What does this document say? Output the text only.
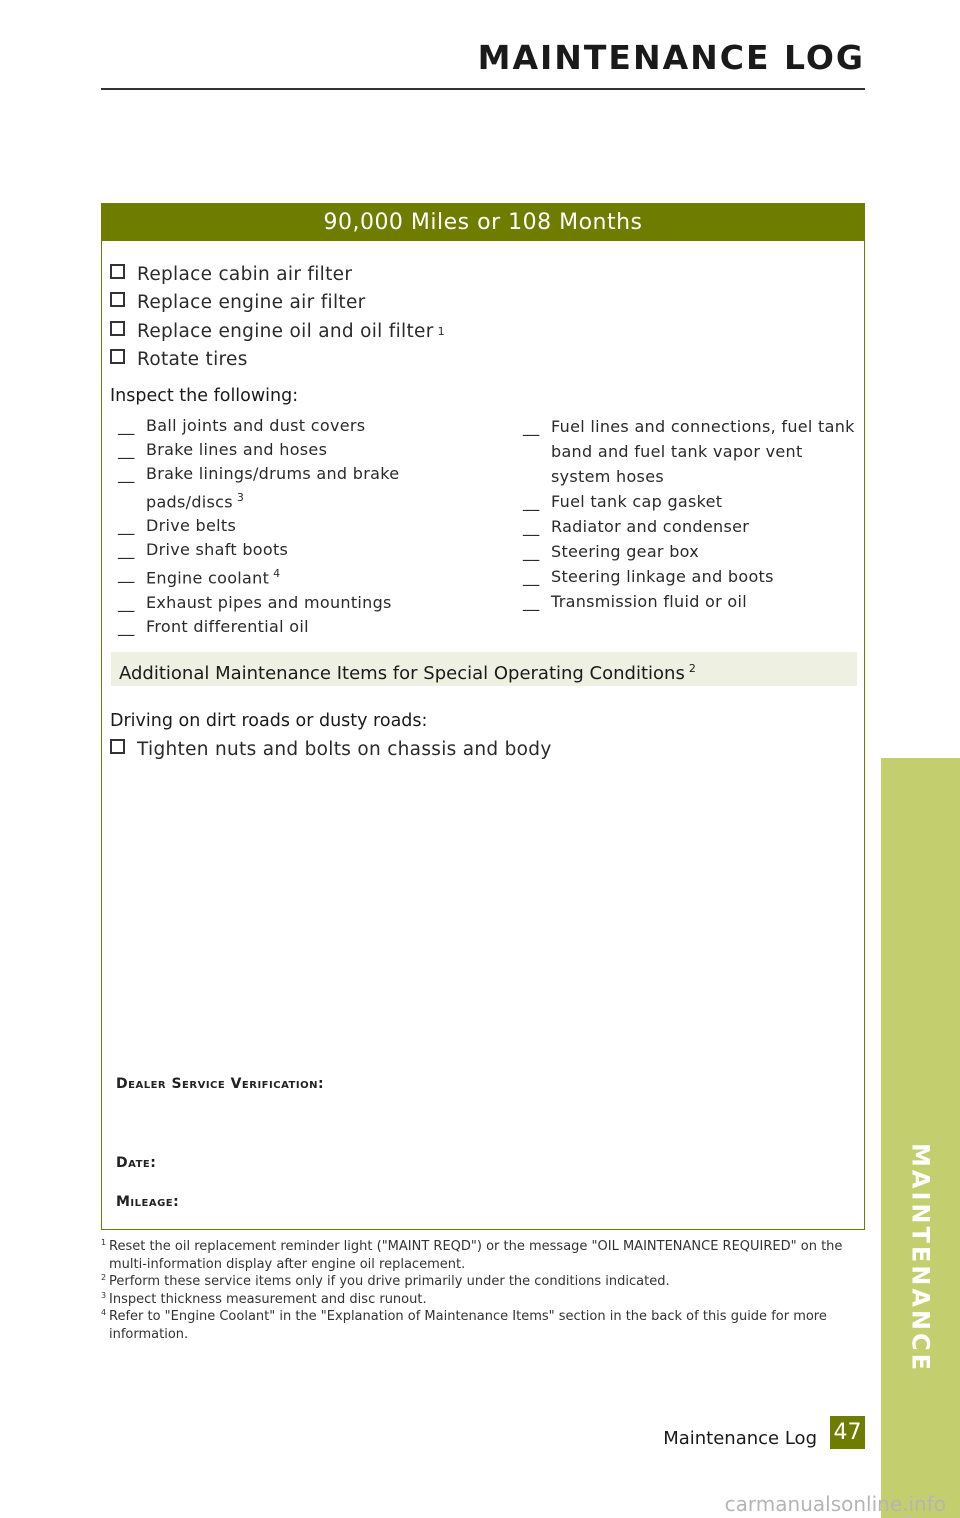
MAINTENANCE LOG
90,000 Miles or 108 Months
Replace cabin air filter
Replace engine air filter
Replace engine oil and oil filter 1
Rotate tires
Inspect the following:
__ Ball joints and dust covers
__ Brake lines and hoses
__ Brake linings/drums and brake pads/discs $^3$
__ Drive belts
__ Drive shaft boots
__ Engine coolant $^4$
__ Exhaust pipes and mountings
__ Front differential oil
__ Fuel lines and connections, fuel tank band and fuel tank vapor vent system hoses
__ Fuel tank cap gasket
__ Radiator and condenser
__ Steering gear box
__ Steering linkage and boots
__ Transmission fluid or oil
Additional Maintenance Items for Special Operating Conditions $^2$
Driving on dirt roads or dusty roads:
Tighten nuts and bolts on chassis and body
Dealer Service Verification:
Date:
Mileage:
1 Reset the oil replacement reminder light ("MAINT REQD") or the message "OIL MAINTENANCE REQUIRED" on the multi-information display after engine oil replacement.
2 Perform these service items only if you drive primarily under the conditions indicated.
3 Inspect thickness measurement and disc runout.
4 Refer to "Engine Coolant" in the "Explanation of Maintenance Items" section in the back of this guide for more information.	MAINTENANCE
Maintenance Log 47
carmanualsonline.info
